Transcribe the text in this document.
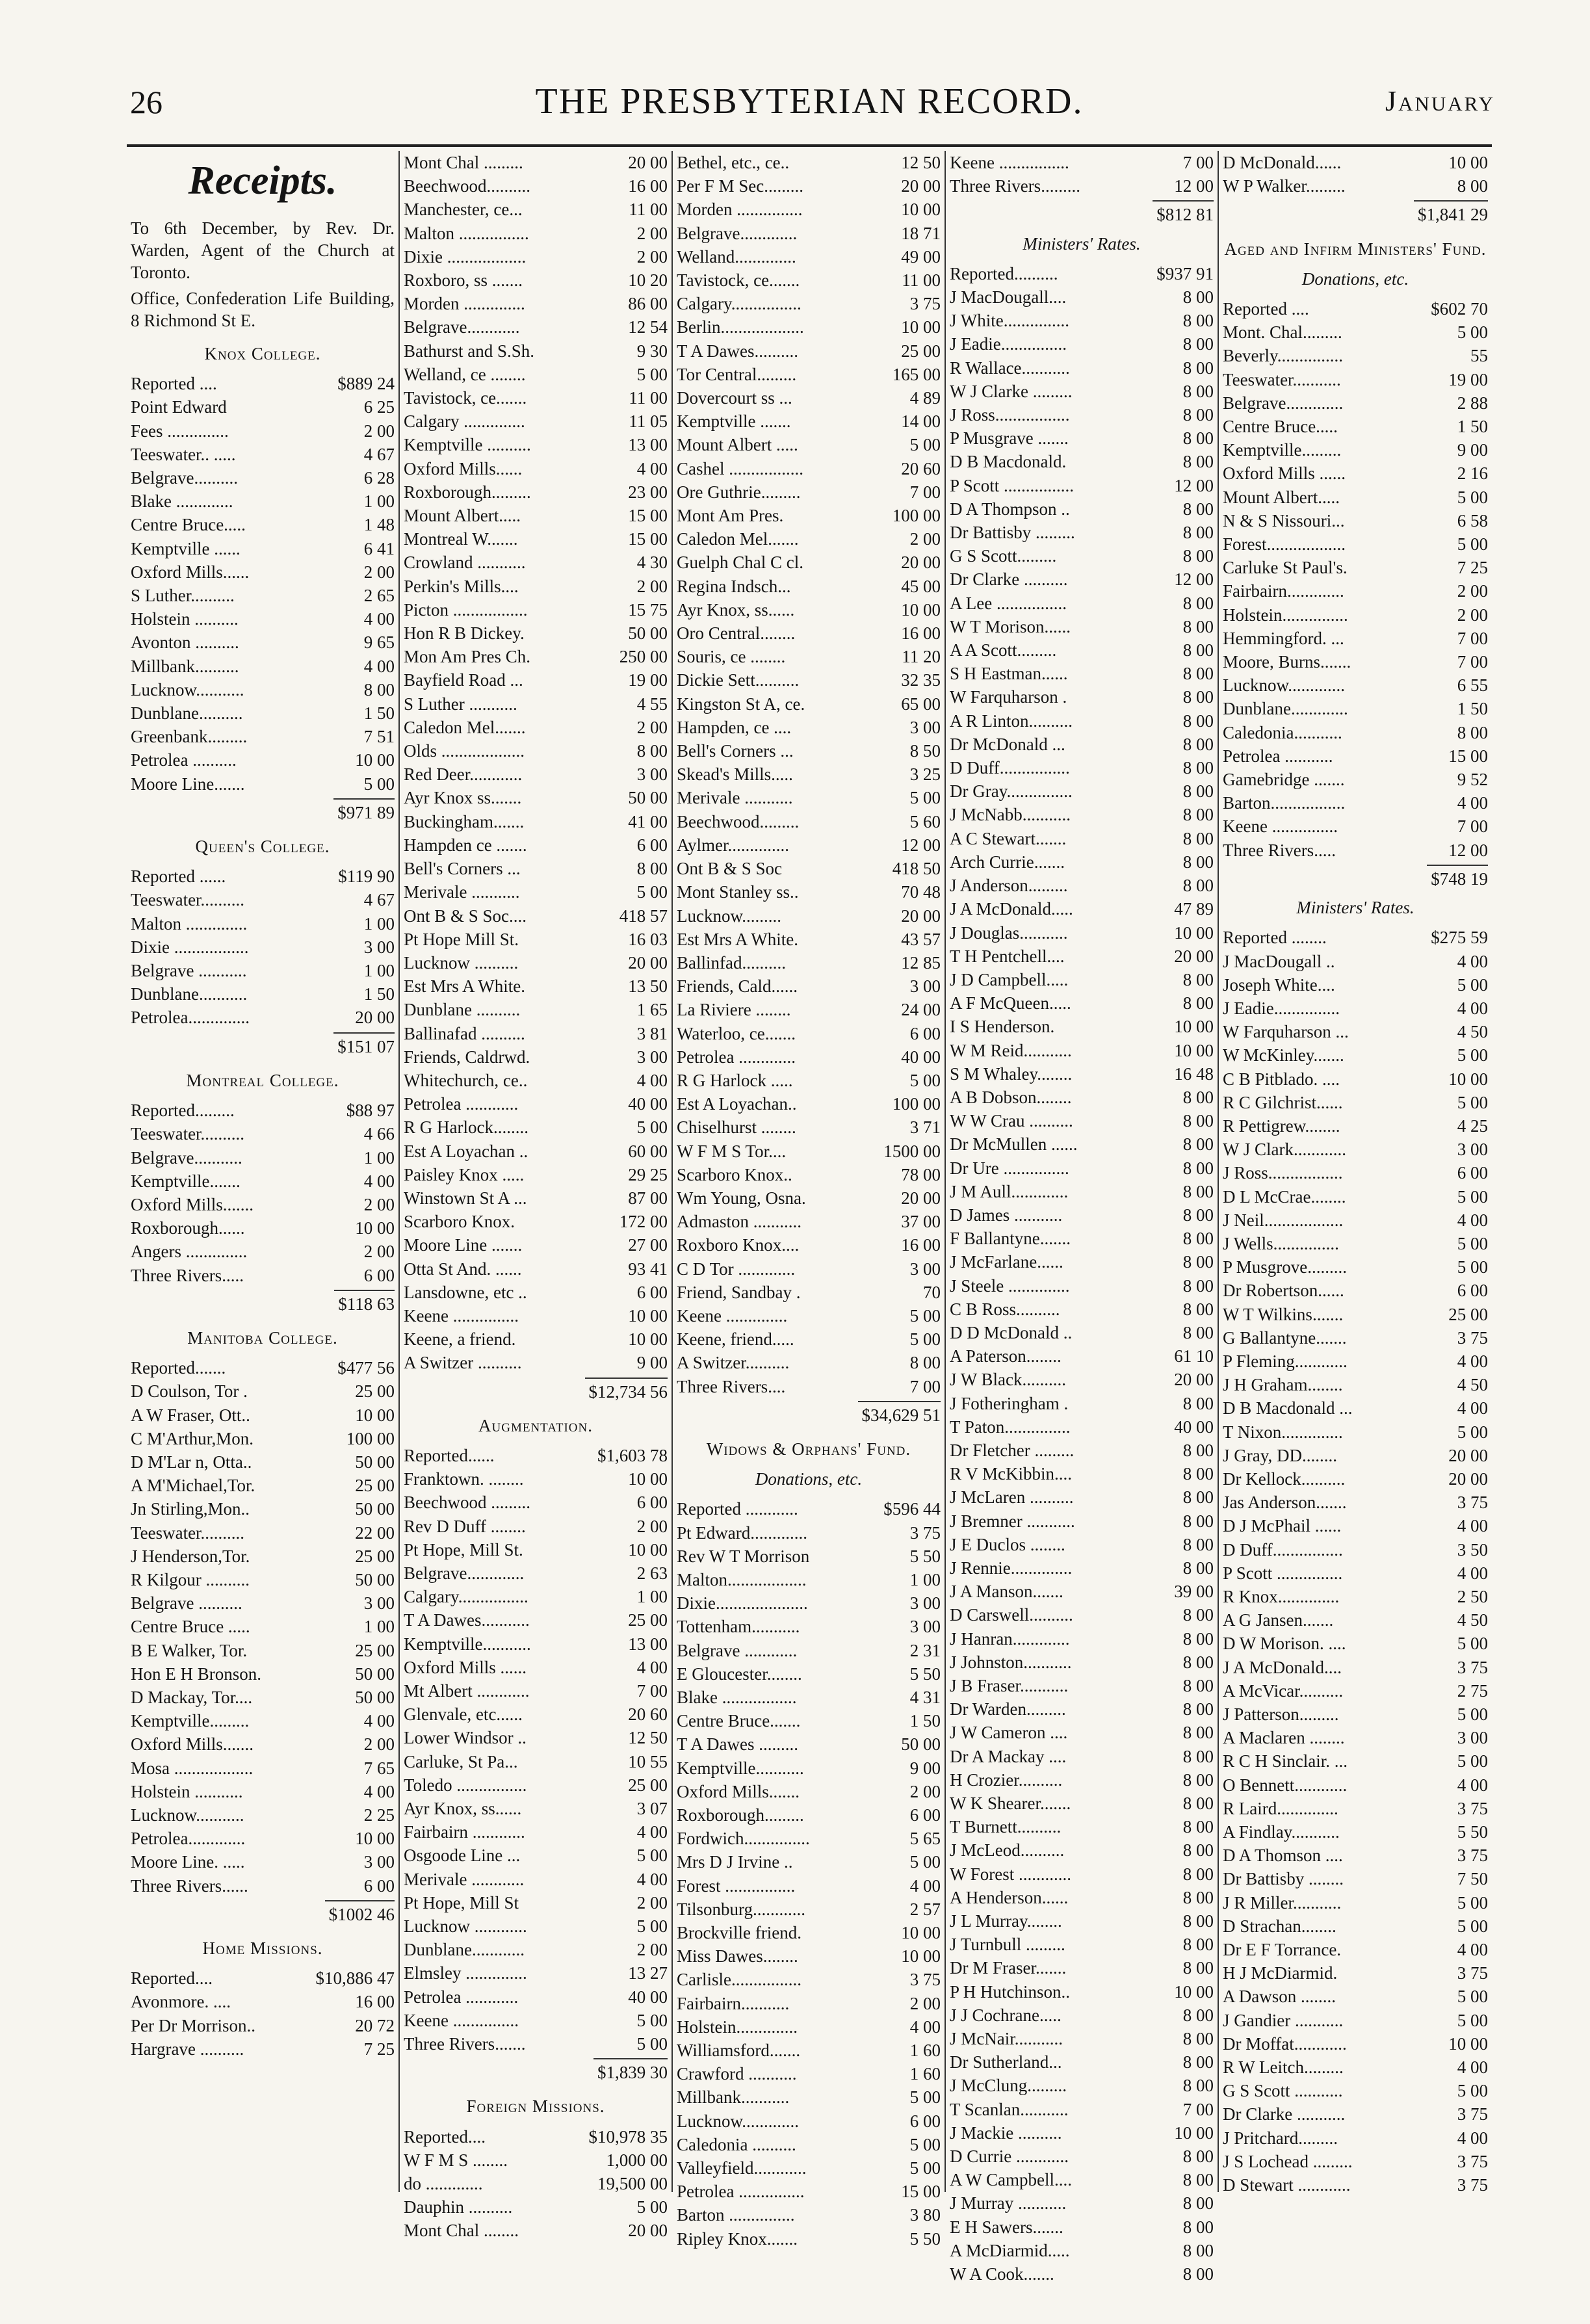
26	THE PRESBYTERIAN RECORD.	January
Receipts.

To 6th December, by Rev. Dr. Warden, Agent of the Church at Toronto.

Office, Confederation Life Building, 8 Richmond St E.

Knox College.
Reported ....	$889 24
Point Edward	6 25
Fees ..............	2 00
Teeswater.. .....	4 67
Belgrave..........	6 28
Blake .............	1 00
Centre Bruce.....	1 48
Kemptville ......	6 41
Oxford Mills......	2 00
S Luther..........	2 65
Holstein ..........	4 00
Avonton ..........	9 65
Millbank..........	4 00
Lucknow...........	8 00
Dunblane..........	1 50
Greenbank.........	7 51
Petrolea ..........	10 00
Moore Line.......	5 00
$971 89
Queen's College.
Reported ......	$119 90
Teeswater..........	4 67
Malton ..............	1 00
Dixie .................	3 00
Belgrave ...........	1 00
Dunblane...........	1 50
Petrolea..............	20 00
$151 07
Montreal College.
Reported.........	$88 97
Teeswater..........	4 66
Belgrave...........	1 00
Kemptville.......	4 00
Oxford Mills.......	2 00
Roxborough......	10 00
Angers ..............	2 00
Three Rivers.....	6 00
$118 63
Manitoba College.
Reported.......	$477 56
D Coulson, Tor .	25 00
A W Fraser, Ott..	10 00
C M'Arthur,Mon.	100 00
D M'Lar n, Otta..	50 00
A M'Michael,Tor.	25 00
Jn Stirling,Mon..	50 00
Teeswater..........	22 00
J Henderson,Tor.	25 00
R Kilgour ..........	50 00
Belgrave ..........	3 00
Centre Bruce .....	1 00
B E Walker, Tor.	25 00
Hon E H Bronson.	50 00
D Mackay, Tor....	50 00
Kemptville.........	4 00
Oxford Mills.......	2 00
Mosa ..................	7 65
Holstein ...........	4 00
Lucknow...........	2 25
Petrolea.............	10 00
Moore Line. .....	3 00
Three Rivers......	6 00
$1002 46
Home Missions.
Reported....	$10,886 47
Avonmore. ....	16 00
Per Dr Morrison..	20 72
Hargrave ..........	7 25
Mont Chal .........	20 00
Beechwood..........	16 00
Manchester, ce...	11 00
Malton ................	2 00
Dixie ..................	2 00
Roxboro, ss .......	10 20
Morden ..............	86 00
Belgrave............	12 54
Bathurst and S.Sh.	9 30
Welland, ce ........	5 00
Tavistock, ce.......	11 00
Calgary ..............	11 05
Kemptville ..........	13 00
Oxford Mills......	4 00
Roxborough.........	23 00
Mount Albert.....	15 00
Montreal W.......	15 00
Crowland ...........	4 30
Perkin's Mills....	2 00
Picton .................	15 75
Hon R B Dickey.	50 00
Mon Am Pres Ch.	250 00
Bayfield Road ...	19 00
S Luther ...........	4 55
Caledon Mel.......	2 00
Olds ...................	8 00
Red Deer............	3 00
Ayr Knox ss.......	50 00
Buckingham.......	41 00
Hampden ce .......	6 00
Bell's Corners ...	8 00
Merivale ...........	5 00
Ont B & S Soc....	418 57
Pt Hope Mill St.	16 03
Lucknow ..........	20 00
Est Mrs A White.	13 50
Dunblane ..........	1 65
Ballinafad ..........	3 81
Friends, Caldrwd.	3 00
Whitechurch, ce..	4 00
Petrolea ............	40 00
R G Harlock........	5 00
Est A Loyachan ..	60 00
Paisley Knox .....	29 25
Winstown St A ...	87 00
Scarboro Knox.	172 00
Moore Line .......	27 00
Otta St And. ......	93 41
Lansdowne, etc ..	6 00
Keene ...............	10 00
Keene, a friend.	10 00
A Switzer ..........	9 00
$12,734 56
Augmentation.
Reported......	$1,603 78
Franktown. ........	10 00
Beechwood .........	6 00
Rev D Duff ........	2 00
Pt Hope, Mill St.	10 00
Belgrave.............	2 63
Calgary................	1 00
T A Dawes...........	25 00
Kemptville...........	13 00
Oxford Mills ......	4 00
Mt Albert ............	7 00
Glenvale, etc......	20 60
Lower Windsor ..	12 50
Carluke, St Pa...	10 55
Toledo ................	25 00
Ayr Knox, ss......	3 07
Fairbairn ............	4 00
Osgoode Line ...	5 00
Merivale ............	4 00
Pt Hope, Mill St	2 00
Lucknow ............	5 00
Dunblane............	2 00
Elmsley ..............	13 27
Petrolea ............	40 00
Keene ...............	5 00
Three Rivers.......	5 00
$1,839 30
Foreign Missions.
Reported....	$10,978 35
W F M S ........	1,000 00
do .............	19,500 00
Dauphin ..........	5 00
Mont Chal ........	20 00
Bethel, etc., ce..	12 50
Per F M Sec.........	20 00
Morden ...............	10 00
Belgrave.............	18 71
Welland..............	49 00
Tavistock, ce.......	11 00
Calgary................	3 75
Berlin...................	10 00
T A Dawes..........	25 00
Tor Central.........	165 00
Dovercourt ss ...	4 89
Kemptville .......	14 00
Mount Albert .....	5 00
Cashel .................	20 60
Ore Guthrie.........	7 00
Mont Am Pres.	100 00
Caledon Mel.......	2 00
Guelph Chal C cl.	20 00
Regina Indsch...	45 00
Ayr Knox, ss......	10 00
Oro Central........	16 00
Souris, ce ........	11 20
Dickie Sett..........	32 35
Kingston St A, ce.	65 00
Hampden, ce ....	3 00
Bell's Corners ...	8 50
Skead's Mills.....	3 25
Merivale ...........	5 00
Beechwood.........	5 60
Aylmer..............	12 00
Ont B & S Soc	418 50
Mont Stanley ss..	70 48
Lucknow.........	20 00
Est Mrs A White.	43 57
Ballinfad..........	12 85
Friends, Cald......	3 00
La Riviere ........	24 00
Waterloo, ce.......	6 00
Petrolea .............	40 00
R G Harlock .....	5 00
Est A Loyachan..	100 00
Chiselhurst ........	3 71
W F M S Tor....	1500 00
Scarboro Knox..	78 00
Wm Young, Osna.	20 00
Admaston ...........	37 00
Roxboro Knox....	16 00
C D Tor .............	3 00
Friend, Sandbay .	70
Keene ..............	5 00
Keene, friend.....	5 00
A Switzer..........	8 00
Three Rivers....	7 00
$34,629 51
Widows & Orphans' Fund.
Donations, etc.
Reported ............	$596 44
Pt Edward.............	3 75
Rev W T Morrison	5 50
Malton..................	1 00
Dixie.....................	3 00
Tottenham...........	3 00
Belgrave ............	2 31
E Gloucester........	5 50
Blake .................	4 31
Centre Bruce.......	1 50
T A Dawes .........	50 00
Kemptville...........	9 00
Oxford Mills.......	2 00
Roxborough.........	6 00
Fordwich...............	5 65
Mrs D J Irvine ..	5 00
Forest ................	4 00
Tilsonburg............	2 57
Brockville friend.	10 00
Miss Dawes........	10 00
Carlisle................	3 75
Fairbairn...........	2 00
Holstein..............	4 00
Williamsford.......	1 60
Crawford ...........	1 60
Millbank...........	5 00
Lucknow.............	6 00
Caledonia ..........	5 00
Valleyfield............	5 00
Petrolea ...............	15 00
Barton ...............	3 80
Ripley Knox.......	5 50
Keene ................	7 00
Three Rivers.........	12 00
$812 81
Ministers' Rates.
Reported..........	$937 91
J MacDougall....	8 00
J White...............	8 00
J Eadie...............	8 00
R Wallace...........	8 00
W J Clarke .........	8 00
J Ross.................	8 00
P Musgrave .......	8 00
D B Macdonald.	8 00
P Scott ................	12 00
D A Thompson ..	8 00
Dr Battisby .........	8 00
G S Scott.........	8 00
Dr Clarke ..........	12 00
A Lee ................	8 00
W T Morison......	8 00
A A Scott.........	8 00
S H Eastman......	8 00
W Farquharson .	8 00
A R Linton..........	8 00
Dr McDonald ...	8 00
D Duff................	8 00
Dr Gray...............	8 00
J McNabb...........	8 00
A C Stewart.......	8 00
Arch Currie.......	8 00
J Anderson.........	8 00
J A McDonald.....	47 89
J Douglas...........	10 00
T H Pentchell....	20 00
J D Campbell.....	8 00
A F McQueen.....	8 00
I S Henderson.	10 00
W M Reid...........	10 00
S M Whaley........	16 48
A B Dobson........	8 00
W W Crau ..........	8 00
Dr McMullen ......	8 00
Dr Ure ...............	8 00
J M Aull.............	8 00
D James ...........	8 00
F Ballantyne.......	8 00
J McFarlane......	8 00
J Steele ..............	8 00
C B Ross..........	8 00
D D McDonald ..	8 00
A Paterson........	61 10
J W Black..........	20 00
J Fotheringham .	8 00
T Paton...............	40 00
Dr Fletcher .........	8 00
R V McKibbin....	8 00
J McLaren ..........	8 00
J Bremner ...........	8 00
J E Duclos ........	8 00
J Rennie..............	8 00
J A Manson.......	39 00
D Carswell..........	8 00
J Hanran.............	8 00
J Johnston...........	8 00
J B Fraser...........	8 00
Dr Warden.........	8 00
J W Cameron ....	8 00
Dr A Mackay ....	8 00
H Crozier..........	8 00
W K Shearer.......	8 00
T Burnett..........	8 00
J McLeod..........	8 00
W Forest ............	8 00
A Henderson......	8 00
J L Murray........	8 00
J Turnbull .........	8 00
Dr M Fraser.......	8 00
P H Hutchinson..	10 00
J J Cochrane.....	8 00
J McNair...........	8 00
Dr Sutherland...	8 00
J McClung.........	8 00
T Scanlan...........	7 00
J Mackie ..........	10 00
D Currie ............	8 00
A W Campbell....	8 00
J Murray ...........	8 00
E H Sawers.......	8 00
A McDiarmid.....	8 00
W A Cook.......	8 00
D McDonald......	10 00
W P Walker.........	8 00
$1,841 29
Aged and Infirm Ministers' Fund.
Donations, etc.
Reported ....	$602 70
Mont. Chal.........	5 00
Beverly...............	55
Teeswater...........	19 00
Belgrave.............	2 88
Centre Bruce.....	1 50
Kemptville.........	9 00
Oxford Mills ......	2 16
Mount Albert.....	5 00
N & S Nissouri...	6 58
Forest..................	5 00
Carluke St Paul's.	7 25
Fairbairn.............	2 00
Holstein...............	2 00
Hemmingford. ...	7 00
Moore, Burns.......	7 00
Lucknow.............	6 55
Dunblane.............	1 50
Caledonia...........	8 00
Petrolea ...........	15 00
Gamebridge .......	9 52
Barton.................	4 00
Keene ...............	7 00
Three Rivers.....	12 00
$748 19
Ministers' Rates.
Reported ........	$275 59
J MacDougall ..	4 00
Joseph White....	5 00
J Eadie...............	4 00
W Farquharson ...	4 50
W McKinley.......	5 00
C B Pitblado. ....	10 00
R C Gilchrist......	5 00
R Pettigrew........	4 25
W J Clark............	3 00
J Ross.................	6 00
D L McCrae........	5 00
J Neil..................	4 00
J Wells...............	5 00
P Musgrove.........	5 00
Dr Robertson......	6 00
W T Wilkins.......	25 00
G Ballantyne.......	3 75
P Fleming............	4 00
J H Graham........	4 50
D B Macdonald ...	4 00
T Nixon..............	5 00
J Gray, DD........	20 00
Dr Kellock..........	20 00
Jas Anderson.......	3 75
D J McPhail ......	4 00
D Duff................	3 50
P Scott ...............	4 00
R Knox..............	2 50
A G Jansen.......	4 50
D W Morison. ....	5 00
J A McDonald....	3 75
A McVicar..........	2 75
J Patterson.........	5 00
A Maclaren ........	3 00
R C H Sinclair. ...	5 00
O Bennett............	4 00
R Laird..............	3 75
A Findlay...........	5 50
D A Thomson ....	3 75
Dr Battisby ........	7 50
J R Miller...........	5 00
D Strachan........	5 00
Dr E F Torrance.	4 00
H J McDiarmid.	3 75
A Dawson ........	5 00
J Gandier ...........	5 00
Dr Moffat............	10 00
R W Leitch.........	4 00
G S Scott ...........	5 00
Dr Clarke ...........	3 75
J Pritchard.........	4 00
J S Lochead .........	3 75
D Stewart ............	3 75
